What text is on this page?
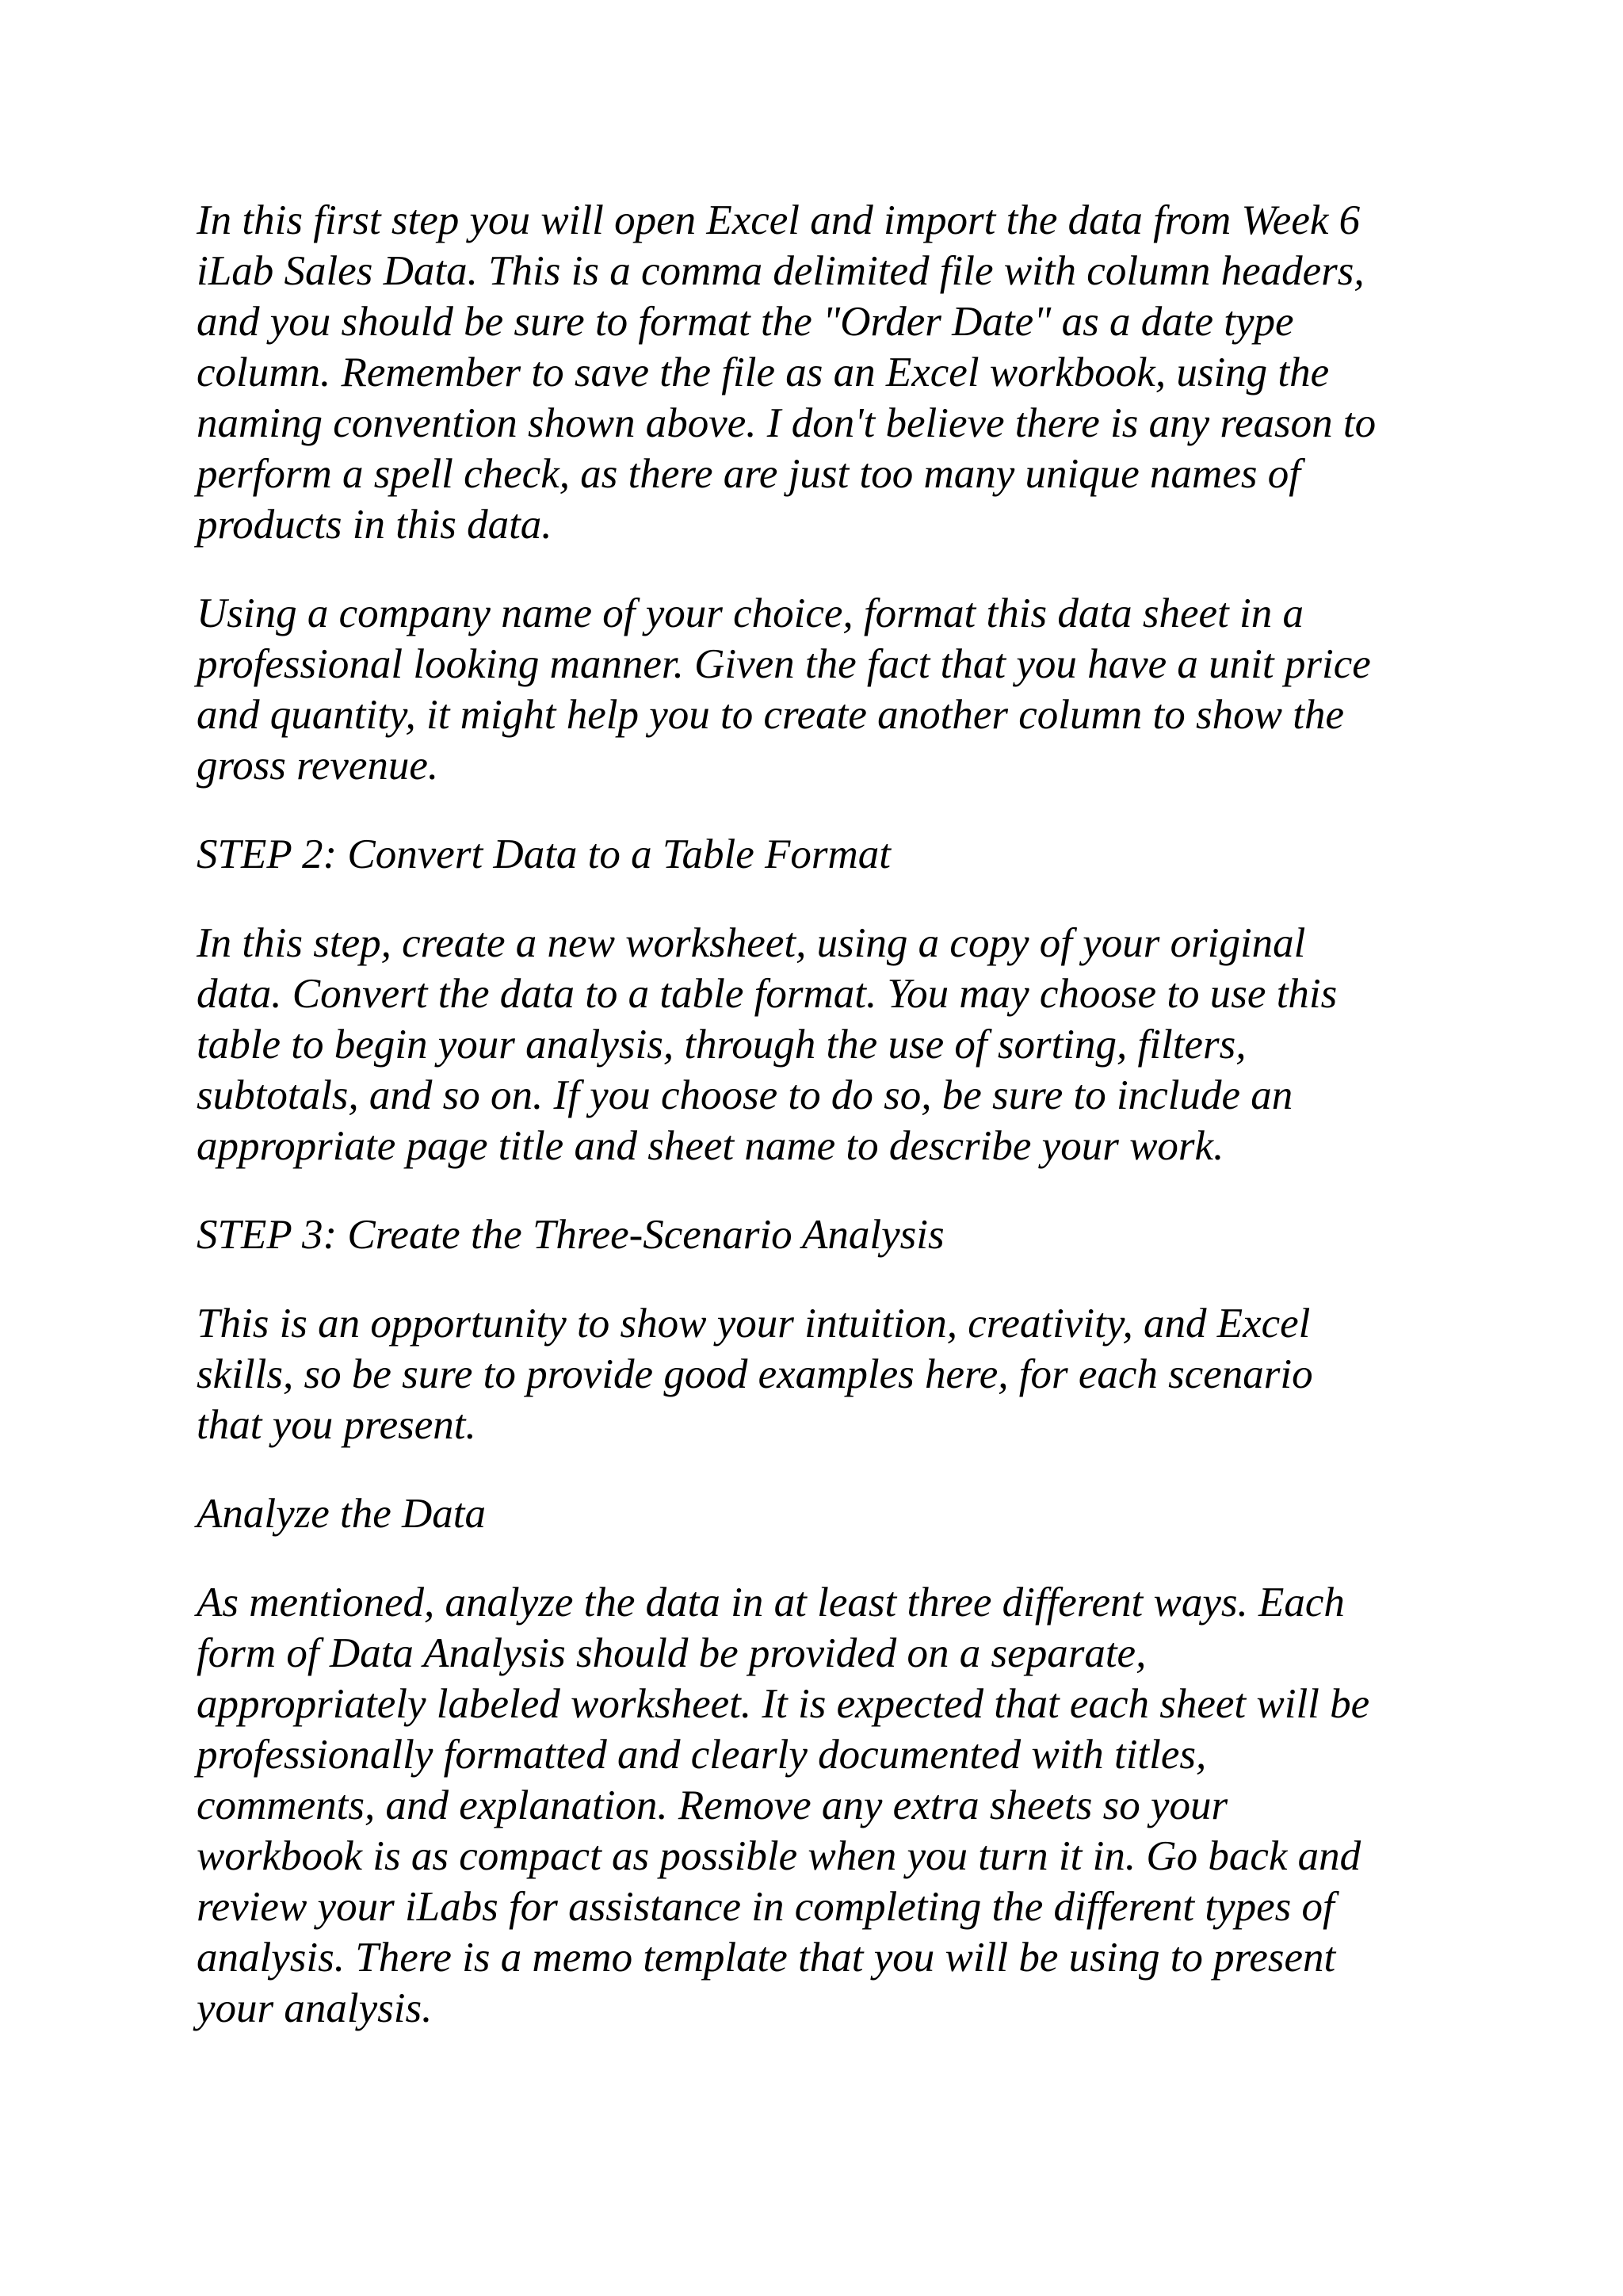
In this first step you will open Excel and import the data from Week 6
iLab Sales Data. This is a comma delimited file with column headers,
and you should be sure to format the "Order Date" as a date type
column. Remember to save the file as an Excel workbook, using the
naming convention shown above. I don't believe there is any reason to
perform a spell check, as there are just too many unique names of
products in this data.

Using a company name of your choice, format this data sheet in a
professional looking manner. Given the fact that you have a unit price
and quantity, it might help you to create another column to show the
gross revenue.

STEP 2: Convert Data to a Table Format

In this step, create a new worksheet, using a copy of your original
data. Convert the data to a table format. You may choose to use this
table to begin your analysis, through the use of sorting, filters,
subtotals, and so on. If you choose to do so, be sure to include an
appropriate page title and sheet name to describe your work.

STEP 3: Create the Three-Scenario Analysis

This is an opportunity to show your intuition, creativity, and Excel
skills, so be sure to provide good examples here, for each scenario
that you present.

Analyze the Data

As mentioned, analyze the data in at least three different ways. Each
form of Data Analysis should be provided on a separate,
appropriately labeled worksheet. It is expected that each sheet will be
professionally formatted and clearly documented with titles,
comments, and explanation. Remove any extra sheets so your
workbook is as compact as possible when you turn it in. Go back and
review your iLabs for assistance in completing the different types of
analysis. There is a memo template that you will be using to present
your analysis.
